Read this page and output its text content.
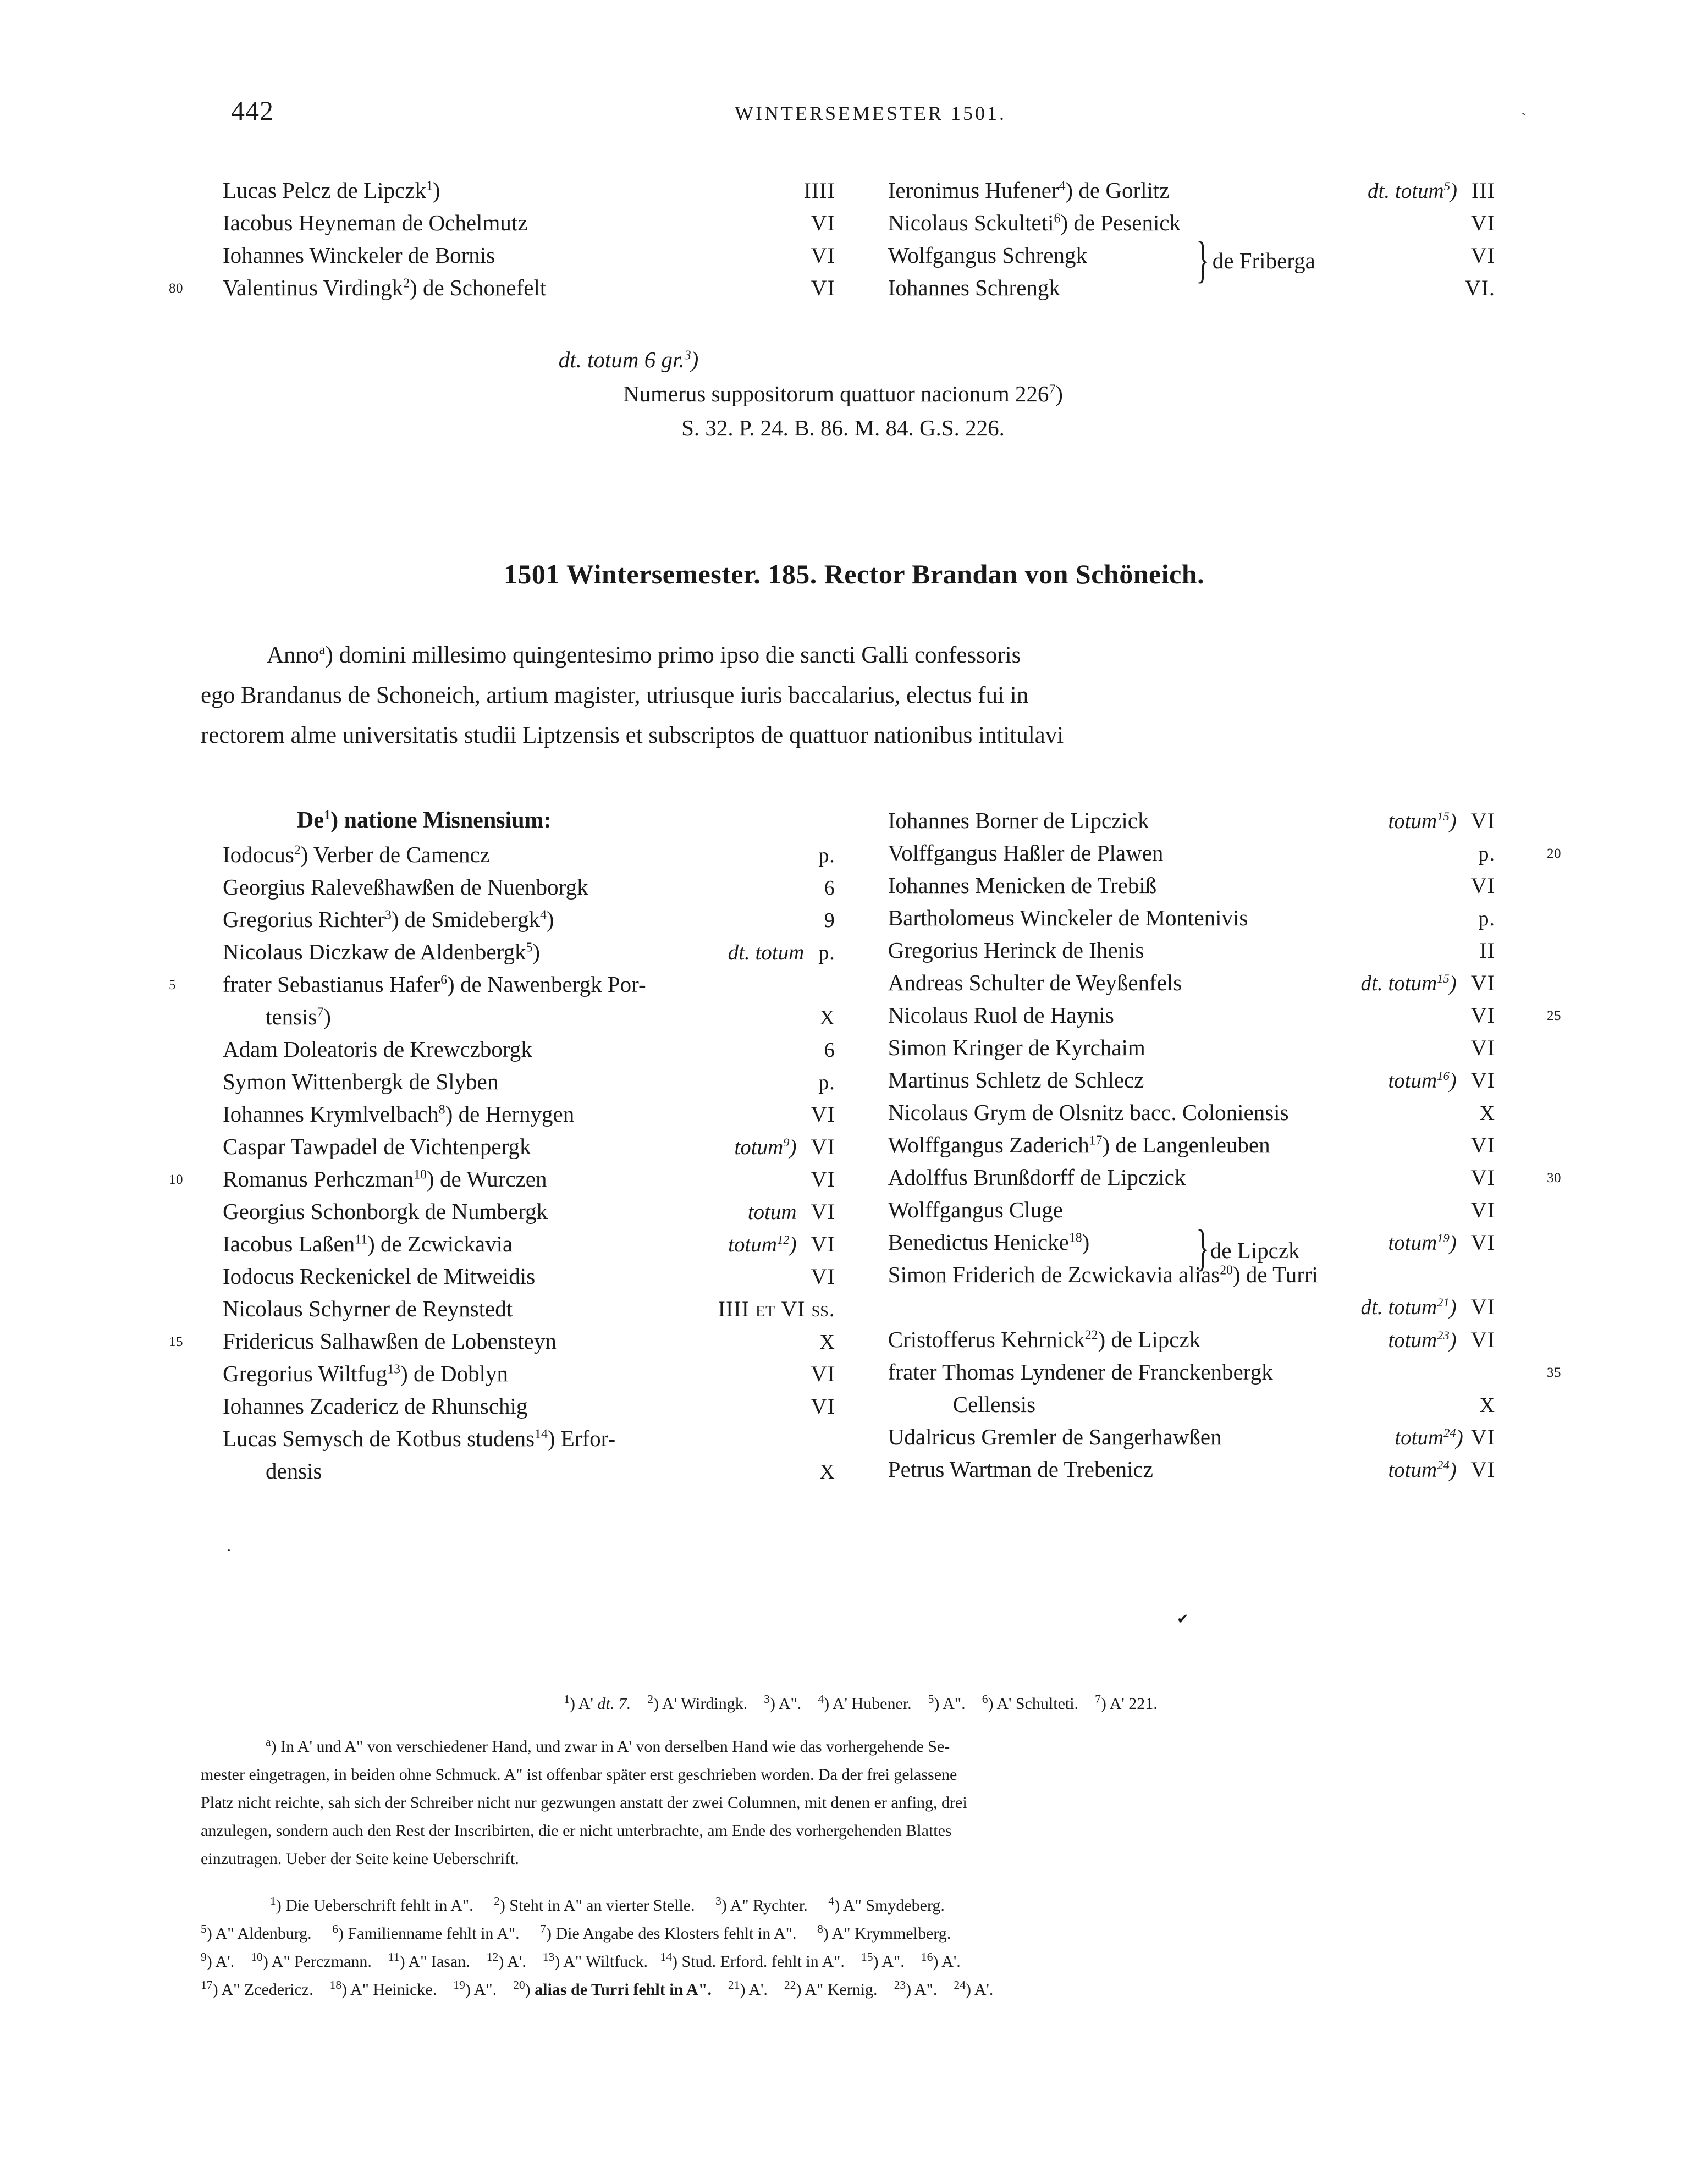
442	WINTERSEMESTER 1501.	ˋ
Lucas Pelcz de Lipczk$^1$)	IIII
Iacobus Heyneman de Ochelmutz	VI
Iohannes Winckeler de Bornis	VI
80	Valentinus Virdingk$^2$) de Schonefelt	VI
Ieronimus Hufener$^4$) de Gorlitz	dt. totum$^5$) III
Nicolaus Sckulteti$^6$) de Pesenick	VI
Wolfgangus Schrengk	VI
Iohannes Schrengk	VI.
} de Friberga
dt. totum 6 gr.$^3$)
Numerus suppositorum quattuor nacionum $226^7$)
S. 32. P. 24. B. 86. M. 84. G.S. 226.
1501 Wintersemester. 185. Rector Brandan von Schöneich.
Anno$^a$) domini millesimo quingentesimo primo ipso die sancti Galli confessoris
ego Brandanus de Schoneich, artium magister, utriusque iuris baccalarius, electus fui in
rectorem alme universitatis studii Liptzensis et subscriptos de quattuor nationibus intitulavi
De$^1$) natione Misnensium:
Iodocus$^2$) Verber de Camencz	p.
Georgius Raleveßhawßen de Nuenborgk	6
Gregorius Richter$^3$) de Smidebergk$^4$)	9
Nicolaus Diczkaw de Aldenbergk$^5$)	dt. totum p.
5	frater Sebastianus Hafer$^6$) de Nawenbergk Por-
tensis$^7$)	X
Adam Doleatoris de Krewczborgk	6
Symon Wittenbergk de Slyben	p.
Iohannes Krymlvelbach$^8$) de Hernygen	VI
Caspar Tawpadel de Vichtenpergk	totum$^9$) VI
10	Romanus Perhczman$^{10}$) de Wurczen	VI
Georgius Schonborgk de Numbergk	totum VI
Iacobus Laßen$^{11}$) de Zcwickavia	totum$^{12}$) VI
Iodocus Reckenickel de Mitweidis	VI
Nicolaus Schyrner de Reynstedt	IIII et VI ß.
15	Fridericus Salhawßen de Lobensteyn	X
Gregorius Wiltfug$^{13}$) de Doblyn	VI
Iohannes Zcadericz de Rhunschig	VI
Lucas Semysch de Kotbus studens$^{14}$) Erfor-
densis	X
Iohannes Borner de Lipczick	totum$^{15}$) VI
20
Volffgangus Haßler de Plawen	p.
Iohannes Menicken de Trebiß	VI
Bartholomeus Winckeler de Montenivis	p.
Gregorius Herinck de Ihenis	II
Andreas Schulter de Weyßenfels	dt. totum$^{15}$) VI
25
Nicolaus Ruol de Haynis	VI
Simon Kringer de Kyrchaim	VI
Martinus Schletz de Schlecz	totum$^{16}$) VI
Nicolaus Grym de Olsnitz bacc. Coloniensis	X
Wolffgangus Zaderich$^{17}$) de Langenleuben	VI
30
Adolffus Brunßdorff de Lipczick	VI
Wolffgangus Cluge	VI
Benedictus Henicke$^{18}$)	totum$^{19}$) VI
Simon Friderich de Zcwickavia alias$^{20}$) de Turri
dt. totum$^{21}$) VI
Cristofferus Kehrnick$^{22}$) de Lipczk	totum$^{23}$) VI
35
frater Thomas Lyndener de Franckenbergk
Cellensis	X
Udalricus Gremler de Sangerhawßen	totum$^{24}$) VI
Petrus Wartman de Trebenicz	totum$^{24}$) VI
} de Lipczk
✔
·
$^1$) A' dt. 7. $^2$) A' Wirdingk. $^3$) A". $^4$) A' Hubener. $^5$) A". $^6$) A' Schulteti. $^7$) A' 221.
$^a$) In A' und A" von verschiedener Hand, und zwar in A' von derselben Hand wie das vorhergehende Se-
mester eingetragen, in beiden ohne Schmuck. A" ist offenbar später erst geschrieben worden. Da der frei gelassene
Platz nicht reichte, sah sich der Schreiber nicht nur gezwungen anstatt der zwei Columnen, mit denen er anfing, drei
anzulegen, sondern auch den Rest der Inscribirten, die er nicht unterbrachte, am Ende des vorhergehenden Blattes
einzutragen. Ueber der Seite keine Ueberschrift.
$^1$) Die Ueberschrift fehlt in A". $^2$) Steht in A" an vierter Stelle. $^3$) A" Rychter. $^4$) A" Smydeberg.
$^5$) A" Aldenburg. $^6$) Familienname fehlt in A". $^7$) Die Angabe des Klosters fehlt in A". $^8$) A" Krymmelberg.
$^9$) A'. $^{10}$) A" Perczmann. $^{11}$) A" Iasan. $^{12}$) A'. $^{13}$) A" Wiltfuck. $^{14}$) Stud. Erford. fehlt in A". $^{15}$) A". $^{16}$) A'.
$^{17}$) A" Zcedericz. $^{18}$) A" Heinicke. $^{19}$) A". $^{20}$) alias de Turri fehlt in A". $^{21}$) A'. $^{22}$) A" Kernig. $^{23}$) A". $^{24}$) A'.
